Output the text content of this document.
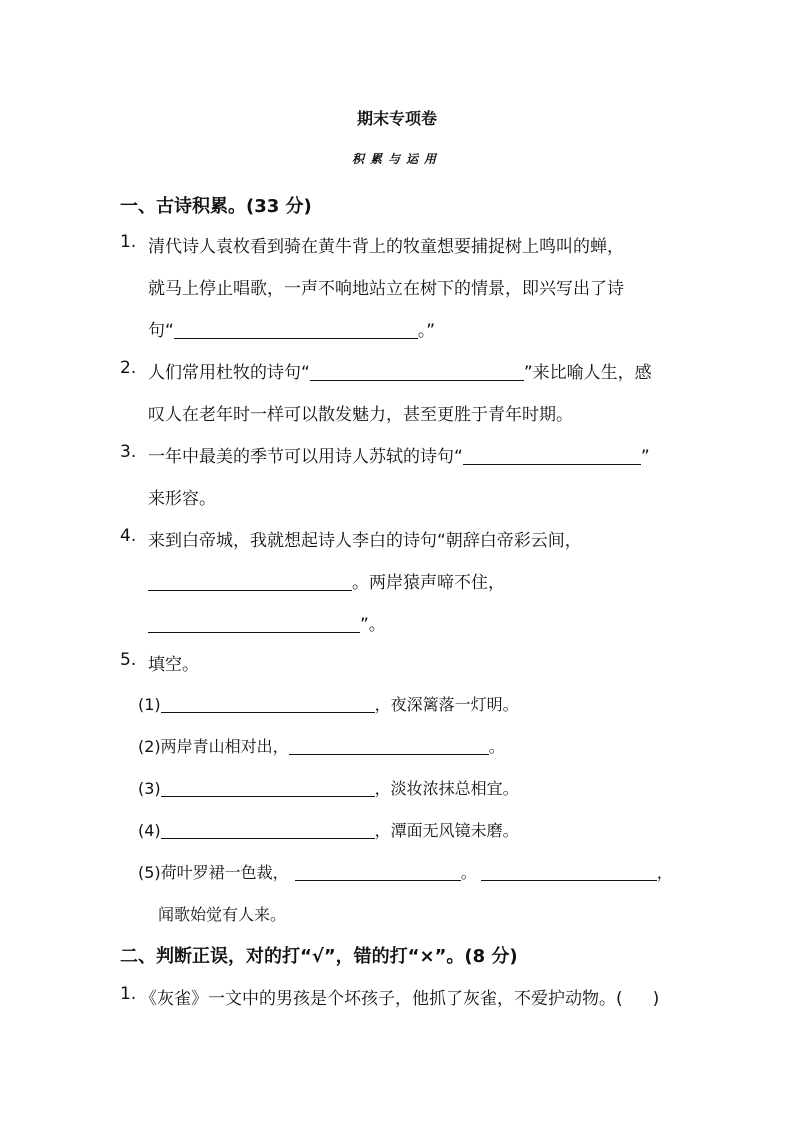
期末专项卷
积累与运用
一、古诗积累。(33 分)
1. 清代诗人袁枚看到骑在黄牛背上的牧童想要捕捉树上鸣叫的蝉，
就马上停止唱歌，一声不响地站立在树下的情景，即兴写出了诗
句“	。”
2. 人们常用杜牧的诗句“	”来比喻人生，感
叹人在老年时一样可以散发魅力，甚至更胜于青年时期。
3. 一年中最美的季节可以用诗人苏轼的诗句“	”
来形容。
4. 来到白帝城，我就想起诗人李白的诗句“朝辞白帝彩云间，
。两岸猿声啼不住，
”。
5. 填空。
(1)	，夜深篱落一灯明。
(2)两岸青山相对出，	。
(3)	，淡妆浓抹总相宜。
(4)	，潭面无风镜未磨。
(5)荷叶罗裙一色裁，	。	，
闻歌始觉有人来。
二、判断正误，对的打“√”，错的打“×”。(8 分)
1. 《灰雀》一文中的男孩是个坏孩子，他抓了灰雀，不爱护动物。( )
